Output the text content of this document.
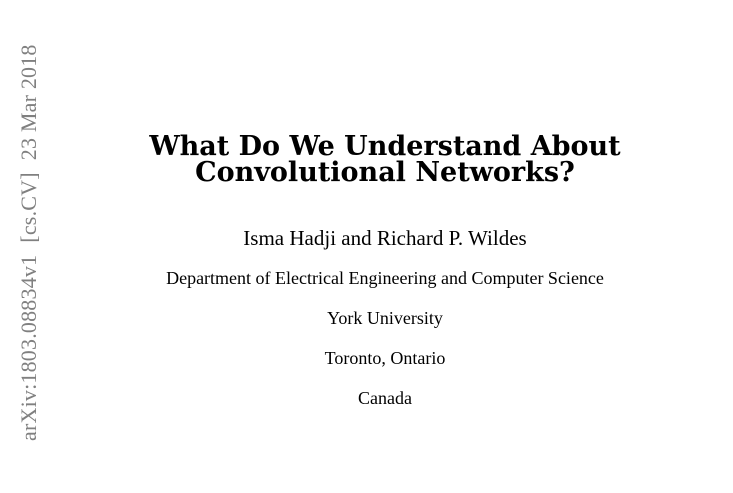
arXiv:1803.08834v1[cs.CV]23 Mar 2018	What Do We Understand About
Convolutional Networks?
Isma Hadji and Richard P. Wildes
Department of Electrical Engineering and Computer Science
York University
Toronto, Ontario
Canada
